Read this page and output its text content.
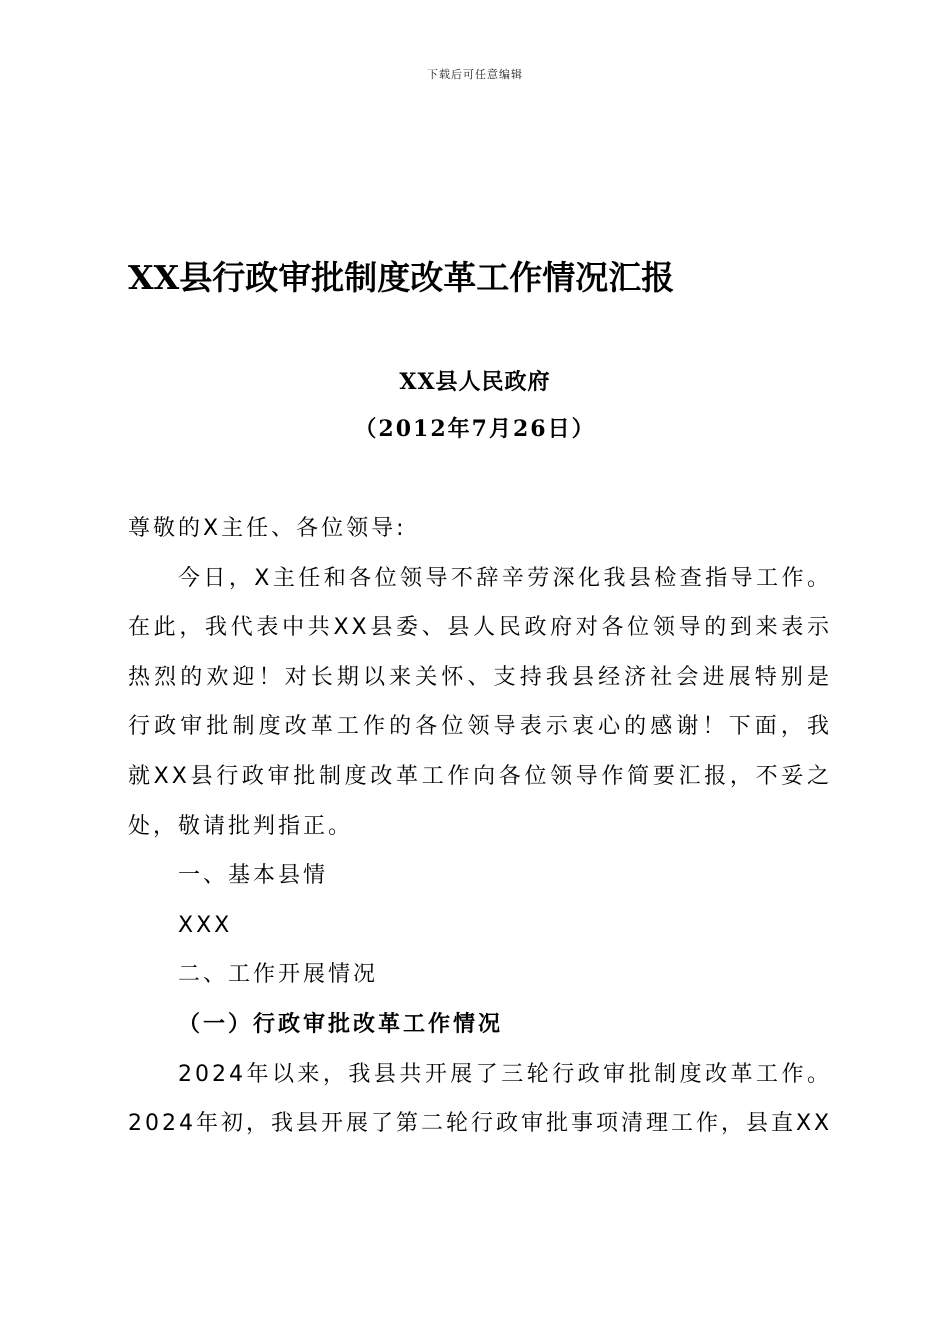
下载后可任意编辑
XX县行政审批制度改革工作情况汇报
XX县人民政府
（2012年7月26日）
尊敬的X主任、各位领导:
今日，X主任和各位领导不辞辛劳深化我县检查指导工作。
在此，我代表中共XX县委、县人民政府对各位领导的到来表示
热烈的欢迎！对长期以来关怀、支持我县经济社会进展特别是
行政审批制度改革工作的各位领导表示衷心的感谢！下面，我
就XX县行政审批制度改革工作向各位领导作简要汇报，不妥之
处，敬请批判指正。
一、基本县情
XXX
二、工作开展情况
（一）行政审批改革工作情况
2024年以来，我县共开展了三轮行政审批制度改革工作。
2024年初，我县开展了第二轮行政审批事项清理工作，县直XX
